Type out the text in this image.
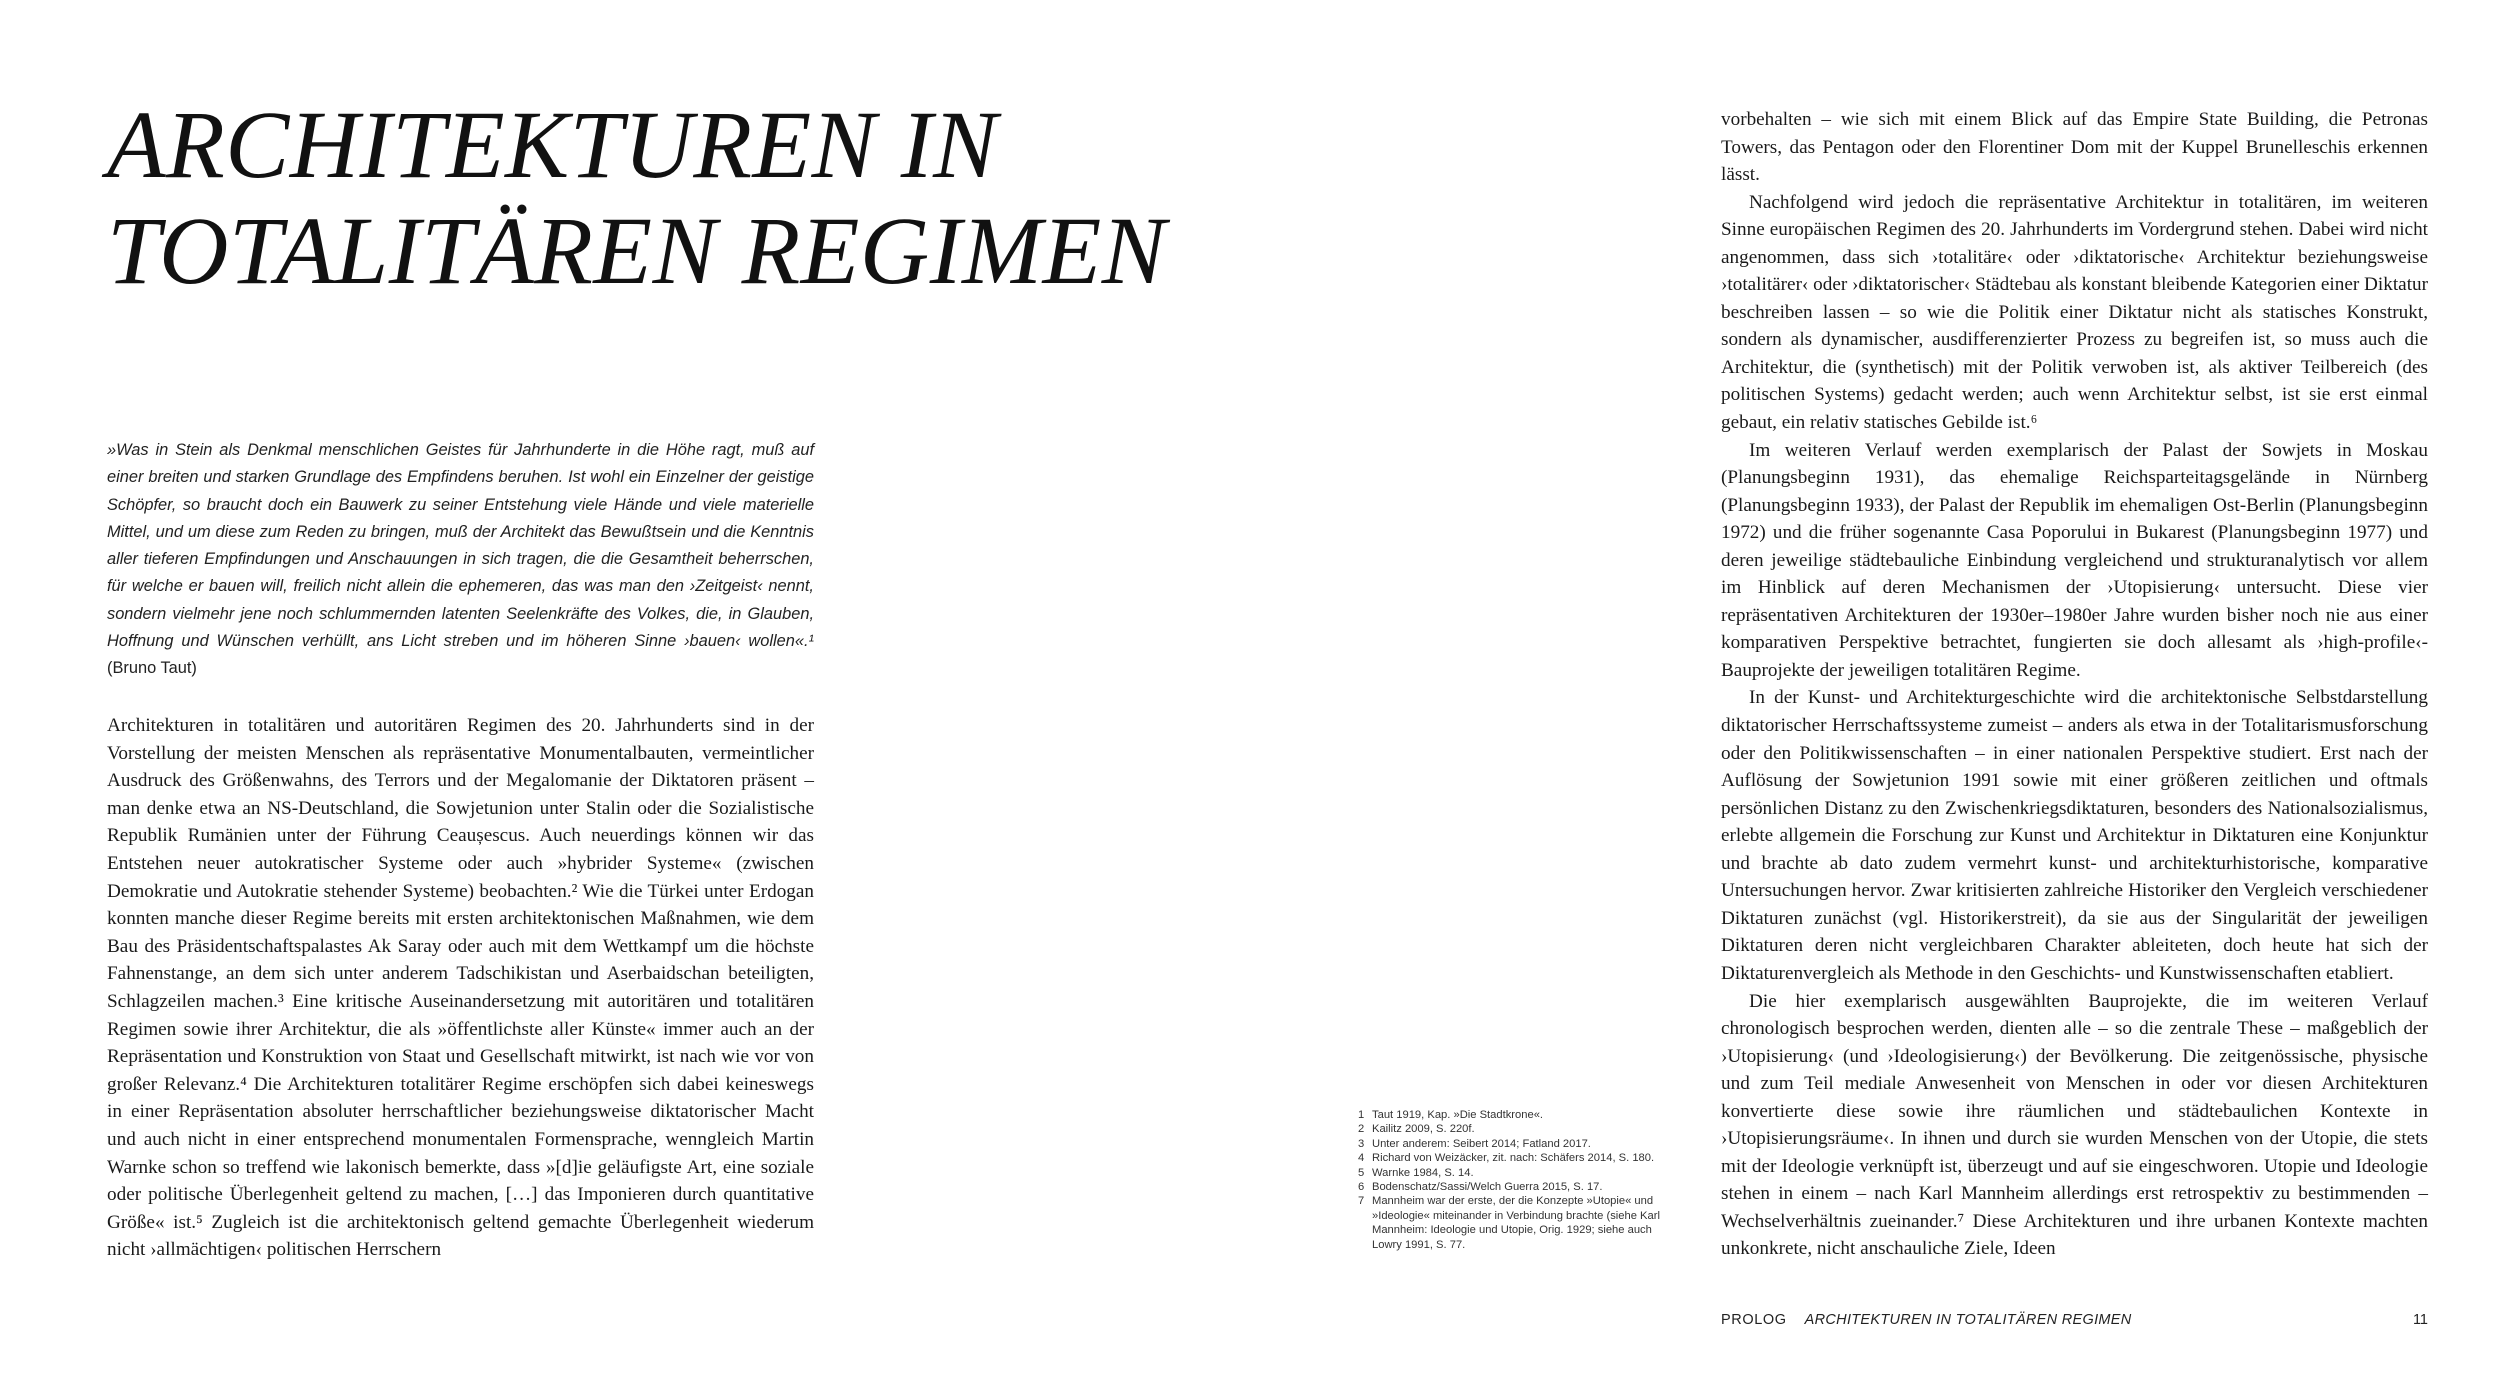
ARCHITEKTUREN IN
TOTALITÄREN REGIMEN
»Was in Stein als Denkmal menschlichen Geistes für Jahrhunderte in die Höhe ragt, muß auf einer breiten und starken Grundlage des Empfindens beruhen. Ist wohl ein Einzelner der geistige Schöpfer, so braucht doch ein Bauwerk zu seiner Entstehung viele Hände und viele materielle Mittel, und um diese zum Reden zu bringen, muß der Architekt das Bewußtsein und die Kenntnis aller tieferen Empfindungen und Anschauungen in sich tragen, die die Gesamtheit beherrschen, für welche er bauen will, freilich nicht allein die ephemeren, das was man den ›Zeitgeist‹ nennt, sondern vielmehr jene noch schlummernden latenten Seelenkräfte des Volkes, die, in Glauben, Hoffnung und Wünschen verhüllt, ans Licht streben und im höheren Sinne ›bauen‹ wollen«.¹ (Bruno Taut)

Architekturen in totalitären und autoritären Regimen des 20. Jahrhunderts sind in der Vorstellung der meisten Menschen als repräsentative Monumentalbauten, vermeintlicher Ausdruck des Größenwahns, des Terrors und der Megalomanie der Diktatoren präsent – man denke etwa an NS-Deutschland, die Sowjetunion unter Stalin oder die Sozialistische Republik Rumänien unter der Führung Ceaușescus. Auch neuerdings können wir das Entstehen neuer autokratischer Systeme oder auch »hybrider Systeme« (zwischen Demokratie und Autokratie stehender Systeme) beobachten.² Wie die Türkei unter Erdogan konnten manche dieser Regime bereits mit ersten architektonischen Maßnahmen, wie dem Bau des Präsidentschaftspalastes Ak Saray oder auch mit dem Wettkampf um die höchste Fahnenstange, an dem sich unter anderem Tadschikistan und Aserbaidschan beteiligten, Schlagzeilen machen.³ Eine kritische Auseinandersetzung mit autoritären und totalitären Regimen sowie ihrer Architektur, die als »öffentlichste aller Künste« immer auch an der Repräsentation und Konstruktion von Staat und Gesellschaft mitwirkt, ist nach wie vor von großer Relevanz.⁴ Die Architekturen totalitärer Regime erschöpfen sich dabei keineswegs in einer Repräsentation absoluter herrschaftlicher beziehungsweise diktatorischer Macht und auch nicht in einer entsprechend monumentalen Formensprache, wenngleich Martin Warnke schon so treffend wie lakonisch bemerkte, dass »[d]ie geläufigste Art, eine soziale oder politische Überlegenheit geltend zu machen, […] das Imponieren durch quantitative Größe« ist.⁵ Zugleich ist die architektonisch geltend gemachte Überlegenheit wiederum nicht ›allmächtigen‹ politischen Herrschern

1 Taut 1919, Kap. »Die Stadtkrone«.
2 Kailitz 2009, S. 220f.
3 Unter anderem: Seibert 2014; Fatland 2017.
4 Richard von Weizäcker, zit. nach: Schäfers 2014, S. 180.
5 Warnke 1984, S. 14.
6 Bodenschatz/Sassi/Welch Guerra 2015, S. 17.
7 Mannheim war der erste, der die Konzepte »Utopie« und »Ideologie« miteinander in Verbindung brachte (siehe Karl Mannheim: Ideologie und Utopie, Orig. 1929; siehe auch Lowry 1991, S. 77.

vorbehalten – wie sich mit einem Blick auf das Empire State Building, die Petronas Towers, das Pentagon oder den Florentiner Dom mit der Kuppel Brunelleschis erkennen lässt.

Nachfolgend wird jedoch die repräsentative Architektur in totalitären, im weiteren Sinne europäischen Regimen des 20. Jahrhunderts im Vordergrund stehen. Dabei wird nicht angenommen, dass sich ›totalitäre‹ oder ›diktatorische‹ Architektur beziehungsweise ›totalitärer‹ oder ›diktatorischer‹ Städtebau als konstant bleibende Kategorien einer Diktatur beschreiben lassen – so wie die Politik einer Diktatur nicht als statisches Konstrukt, sondern als dynamischer, ausdifferenzierter Prozess zu begreifen ist, so muss auch die Architektur, die (synthetisch) mit der Politik verwoben ist, als aktiver Teilbereich (des politischen Systems) gedacht werden; auch wenn Architektur selbst, ist sie erst einmal gebaut, ein relativ statisches Gebilde ist.⁶

Im weiteren Verlauf werden exemplarisch der Palast der Sowjets in Moskau (Planungsbeginn 1931), das ehemalige Reichsparteitagsgelände in Nürnberg (Planungsbeginn 1933), der Palast der Republik im ehemaligen Ost-Berlin (Planungsbeginn 1972) und die früher sogenannte Casa Poporului in Bukarest (Planungsbeginn 1977) und deren jeweilige städtebauliche Einbindung vergleichend und strukturanalytisch vor allem im Hinblick auf deren Mechanismen der ›Utopisierung‹ untersucht. Diese vier repräsentativen Architekturen der 1930er–1980er Jahre wurden bisher noch nie aus einer komparativen Perspektive betrachtet, fungierten sie doch allesamt als ›high-profile‹-Bauprojekte der jeweiligen totalitären Regime.

In der Kunst- und Architekturgeschichte wird die architektonische Selbstdarstellung diktatorischer Herrschaftssysteme zumeist – anders als etwa in der Totalitarismusforschung oder den Politikwissenschaften – in einer nationalen Perspektive studiert. Erst nach der Auflösung der Sowjetunion 1991 sowie mit einer größeren zeitlichen und oftmals persönlichen Distanz zu den Zwischenkriegsdiktaturen, besonders des Nationalsozialismus, erlebte allgemein die Forschung zur Kunst und Architektur in Diktaturen eine Konjunktur und brachte ab dato zudem vermehrt kunst- und architekturhistorische, komparative Untersuchungen hervor. Zwar kritisierten zahlreiche Historiker den Vergleich verschiedener Diktaturen zunächst (vgl. Historikerstreit), da sie aus der Singularität der jeweiligen Diktaturen deren nicht vergleichbaren Charakter ableiteten, doch heute hat sich der Diktaturenvergleich als Methode in den Geschichts- und Kunstwissenschaften etabliert.

Die hier exemplarisch ausgewählten Bauprojekte, die im weiteren Verlauf chronologisch besprochen werden, dienten alle – so die zentrale These – maßgeblich der ›Utopisierung‹ (und ›Ideologisierung‹) der Bevölkerung. Die zeitgenössische, physische und zum Teil mediale Anwesenheit von Menschen in oder vor diesen Architekturen konvertierte diese sowie ihre räumlichen und städtebaulichen Kontexte in ›Utopisierungsräume‹. In ihnen und durch sie wurden Menschen von der Utopie, die stets mit der Ideologie verknüpft ist, überzeugt und auf sie eingeschworen. Utopie und Ideologie stehen in einem – nach Karl Mannheim allerdings erst retrospektiv zu bestimmenden – Wechselverhältnis zueinander.⁷ Diese Architekturen und ihre urbanen Kontexte machten unkonkrete, nicht anschauliche Ziele, Ideen

PROLOG ARCHITEKTUREN IN TOTALITÄREN REGIMEN	11
